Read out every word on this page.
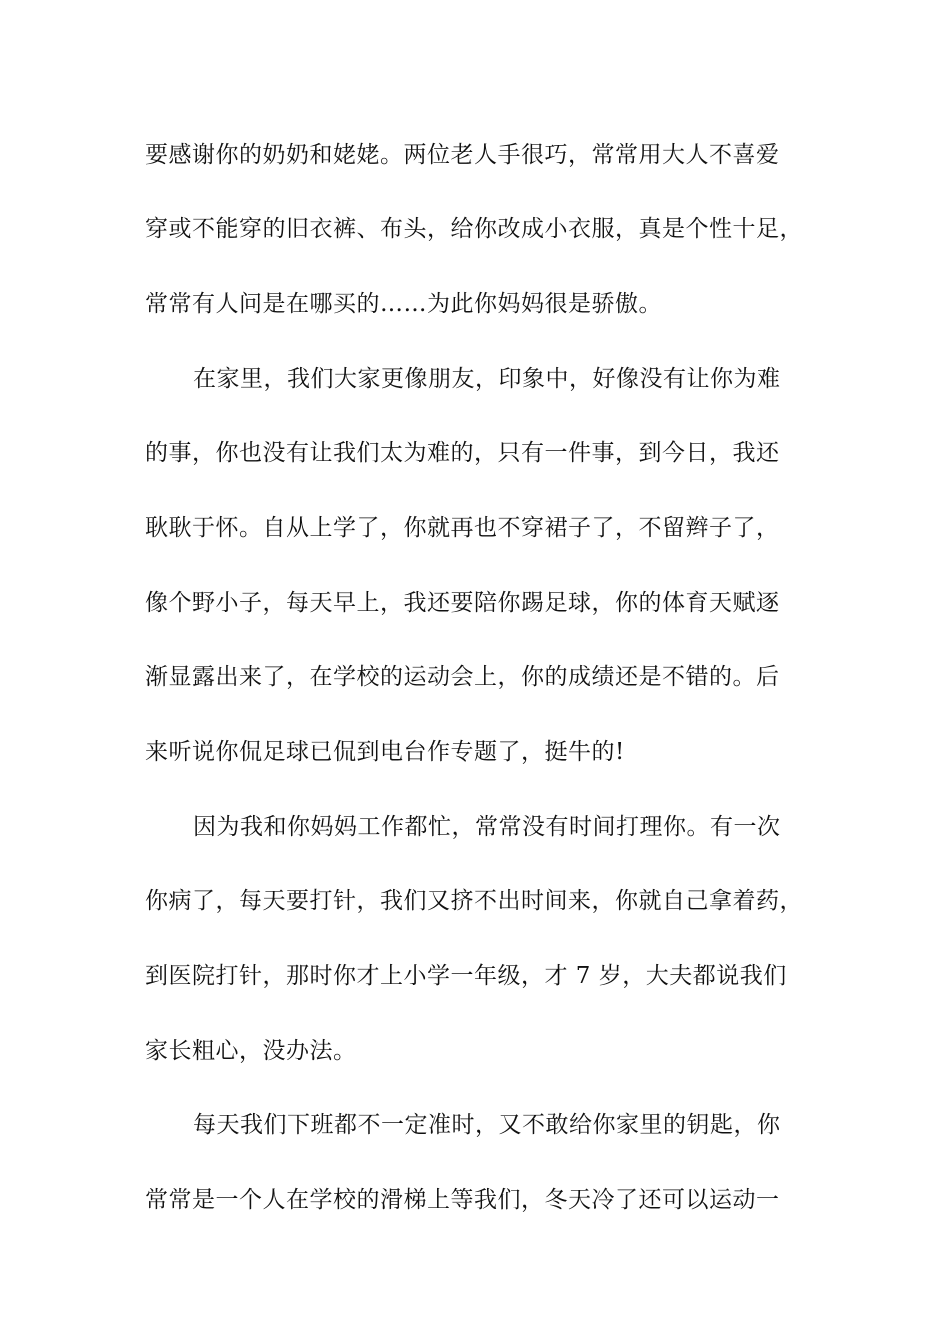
要感谢你的奶奶和姥姥。两位老人手很巧，常常用大人不喜爱
穿或不能穿的旧衣裤、布头，给你改成小衣服，真是个性十足，
常常有人问是在哪买的……为此你妈妈很是骄傲。
在家里，我们大家更像朋友，印象中，好像没有让你为难
的事，你也没有让我们太为难的，只有一件事，到今日，我还
耿耿于怀。自从上学了，你就再也不穿裙子了，不留辫子了，
像个野小子，每天早上，我还要陪你踢足球，你的体育天赋逐
渐显露出来了，在学校的运动会上，你的成绩还是不错的。后
来听说你侃足球已侃到电台作专题了，挺牛的!
因为我和你妈妈工作都忙，常常没有时间打理你。有一次
你病了，每天要打针，我们又挤不出时间来，你就自己拿着药，
到医院打针，那时你才上小学一年级，才 7 岁，大夫都说我们
家长粗心，没办法。
每天我们下班都不一定准时，又不敢给你家里的钥匙，你
常常是一个人在学校的滑梯上等我们，冬天冷了还可以运动一
